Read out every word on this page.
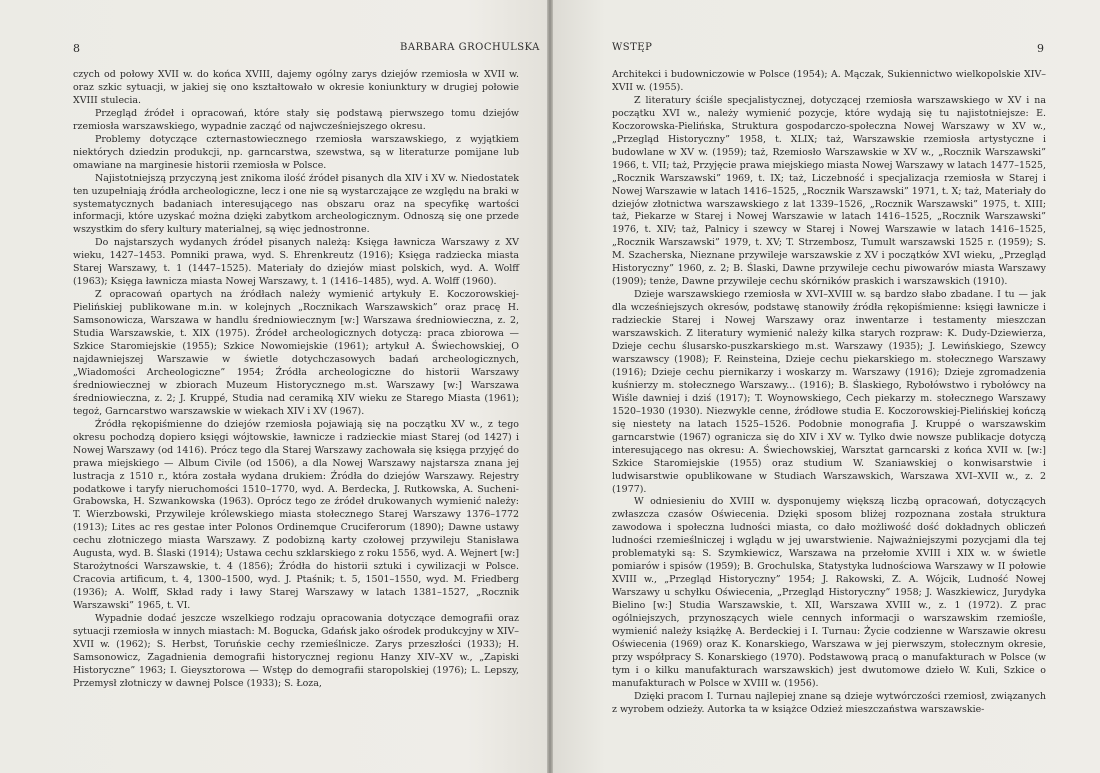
8	BARBARA GROCHULSKA

czych od połowy XVII w. do końca XVIII, dajemy ogólny zarys dziejów rzemiosła w XVII w. oraz szkic sytuacji, w jakiej się ono kształtowało w okresie koniunktury w drugiej połowie XVIII stulecia.

Przegląd źródeł i opracowań, które stały się podstawą pierwszego tomu dziejów rzemiosła warszawskiego, wypadnie zacząć od najwcześniejszego okresu.

Problemy dotyczące czternastowiecznego rzemiosła warszawskiego, z wyjątkiem niektórych dziedzin produkcji, np. garncarstwa, szewstwa, są w literaturze pomijane lub omawiane na marginesie historii rzemiosła w Polsce.

Najistotniejszą przyczyną jest znikoma ilość źródeł pisanych dla XIV i XV w. Niedostatek ten uzupełniają źródła archeologiczne, lecz i one nie są wystarczające ze względu na braki w systematycznych badaniach interesującego nas obszaru oraz na specyfikę wartości informacji, które uzyskać można dzięki zabytkom archeologicznym. Odnoszą się one przede wszystkim do sfery kultury materialnej, są więc jednostronne.

Do najstarszych wydanych źródeł pisanych należą: Księga ławnicza Warszawy z XV wieku, 1427–1453. Pomniki prawa, wyd. S. Ehrenkreutz (1916); Księga radziecka miasta Starej Warszawy, t. 1 (1447–1525). Materiały do dziejów miast polskich, wyd. A. Wolff (1963); Księga ławnicza miasta Nowej Warszawy, t. 1 (1416–1485), wyd. A. Wolff (1960).

Z opracowań opartych na źródłach należy wymienić artykuły E. Koczorowskiej-Pielińskiej publikowane m.in. w kolejnych „Rocznikach Warszawskich” oraz pracę H. Samsonowicza, Warszawa w handlu średniowiecznym [w:] Warszawa średniowieczna, z. 2, Studia Warszawskie, t. XIX (1975). Źródeł archeologicznych dotyczą: praca zbiorowa — Szkice Staromiejskie (1955); Szkice Nowomiejskie (1961); artykuł A. Świechowskiej, O najdawniejszej Warszawie w świetle dotychczasowych badań archeologicznych, „Wiadomości Archeologiczne” 1954; Źródła archeologiczne do historii Warszawy średniowiecznej w zbiorach Muzeum Historycznego m.st. Warszawy [w:] Warszawa średniowieczna, z. 2; J. Kruppé, Studia nad ceramiką XIV wieku ze Starego Miasta (1961); tegoż, Garncarstwo warszawskie w wiekach XIV i XV (1967).

Źródła rękopiśmienne do dziejów rzemiosła pojawiają się na początku XV w., z tego okresu pochodzą dopiero księgi wójtowskie, ławnicze i radzieckie miast Starej (od 1427) i Nowej Warszawy (od 1416). Prócz tego dla Starej Warszawy zachowała się księga przyjęć do prawa miejskiego — Album Civile (od 1506), a dla Nowej Warszawy najstarsza znana jej lustracja z 1510 r., która została wydana drukiem: Źródła do dziejów Warszawy. Rejestry podatkowe i taryfy nieruchomości 1510–1770, wyd. A. Berdecka, J. Rutkowska, A. Sucheni-Grabowska, H. Szwankowska (1963). Oprócz tego ze źródeł drukowanych wymienić należy: T. Wierzbowski, Przywileje królewskiego miasta stołecznego Starej Warszawy 1376–1772 (1913); Lites ac res gestae inter Polonos Ordinemque Cruciferorum (1890); Dawne ustawy cechu złotniczego miasta Warszawy. Z podobizną karty czołowej przywileju Stanisława Augusta, wyd. B. Ślaski (1914); Ustawa cechu szklarskiego z roku 1556, wyd. A. Wejnert [w:] Starożytności Warszawskie, t. 4 (1856); Źródła do historii sztuki i cywilizacji w Polsce. Cracovia artificum, t. 4, 1300–1500, wyd. J. Ptaśnik; t. 5, 1501–1550, wyd. M. Friedberg (1936); A. Wolff, Skład rady i ławy Starej Warszawy w latach 1381–1527, „Rocznik Warszawski” 1965, t. VI.

Wypadnie dodać jeszcze wszelkiego rodzaju opracowania dotyczące demografii oraz sytuacji rzemiosła w innych miastach: M. Bogucka, Gdańsk jako ośrodek produkcyjny w XIV–XVII w. (1962); S. Herbst, Toruńskie cechy rzemieślnicze. Zarys przeszłości (1933); H. Samsonowicz, Zagadnienia demografii historycznej regionu Hanzy XIV–XV w., „Zapiski Historyczne” 1963; I. Gieysztorowa — Wstęp do demografii staropolskiej (1976); L. Lepszy, Przemysł złotniczy w dawnej Polsce (1933); S. Łoza,

WSTĘP	9

Architekci i budowniczowie w Polsce (1954); A. Mączak, Sukiennictwo wielkopolskie XIV–XVII w. (1955).

Z literatury ściśle specjalistycznej, dotyczącej rzemiosła warszawskiego w XV i na początku XVI w., należy wymienić pozycje, które wydają się tu najistotniejsze: E. Koczorowska-Pielińska, Struktura gospodarczo-społeczna Nowej Warszawy w XV w., „Przegląd Historyczny” 1958, t. XLIX; taż, Warszawskie rzemiosła artystyczne i budowlane w XV w. (1959); taż, Rzemiosło Warszawskie w XV w., „Rocznik Warszawski” 1966, t. VII; taż, Przyjęcie prawa miejskiego miasta Nowej Warszawy w latach 1477–1525, „Rocznik Warszawski” 1969, t. IX; taż, Liczebność i specjalizacja rzemiosła w Starej i Nowej Warszawie w latach 1416–1525, „Rocznik Warszawski” 1971, t. X; taż, Materiały do dziejów złotnictwa warszawskiego z lat 1339–1526, „Rocznik Warszawski” 1975, t. XIII; taż, Piekarze w Starej i Nowej Warszawie w latach 1416–1525, „Rocznik Warszawski” 1976, t. XIV; taż, Palnicy i szewcy w Starej i Nowej Warszawie w latach 1416–1525, „Rocznik Warszawski” 1979, t. XV; T. Strzembosz, Tumult warszawski 1525 r. (1959); S. M. Szacherska, Nieznane przywileje warszawskie z XV i początków XVI wieku, „Przegląd Historyczny” 1960, z. 2; B. Ślaski, Dawne przywileje cechu piwowarów miasta Warszawy (1909); tenże, Dawne przywileje cechu skórników praskich i warszawskich (1910).

Dzieje warszawskiego rzemiosła w XVI–XVIII w. są bardzo słabo zbadane. I tu — jak dla wcześniejszych okresów, podstawę stanowiły źródła rękopiśmienne: księgi ławnicze i radzieckie Starej i Nowej Warszawy oraz inwentarze i testamenty mieszczan warszawskich. Z literatury wymienić należy kilka starych rozpraw: K. Dudy-Dziewierza, Dzieje cechu ślusarsko-puszkarskiego m.st. Warszawy (1935); J. Lewińskiego, Szewcy warszawscy (1908); F. Reinsteina, Dzieje cechu piekarskiego m. stołecznego Warszawy (1916); Dzieje cechu piernikarzy i woskarzy m. Warszawy (1916); Dzieje zgromadzenia kuśnierzy m. stołecznego Warszawy... (1916); B. Ślaskiego, Rybołówstwo i rybołówcy na Wiśle dawniej i dziś (1917); T. Woynowskiego, Cech piekarzy m. stołecznego Warszawy 1520–1930 (1930). Niezwykle cenne, źródłowe studia E. Koczorowskiej-Pielińskiej kończą się niestety na latach 1525–1526. Podobnie monografia J. Kruppé o warszawskim garncarstwie (1967) ogranicza się do XIV i XV w. Tylko dwie nowsze publikacje dotyczą interesującego nas okresu: A. Świechowskiej, Warsztat garncarski z końca XVII w. [w:] Szkice Staromiejskie (1955) oraz studium W. Szaniawskiej o konwisarstwie i ludwisarstwie opublikowane w Studiach Warszawskich, Warszawa XVI–XVII w., z. 2 (1977).

W odniesieniu do XVIII w. dysponujemy większą liczbą opracowań, dotyczących zwłaszcza czasów Oświecenia. Dzięki sposom bliżej rozpoznana została struktura zawodowa i społeczna ludności miasta, co dało możliwość dość dokładnych obliczeń ludności rzemieślniczej i wglądu w jej uwarstwienie. Najważniejszymi pozycjami dla tej problematyki są: S. Szymkiewicz, Warszawa na przełomie XVIII i XIX w. w świetle pomiarów i spisów (1959); B. Grochulska, Statystyka ludnościowa Warszawy w II połowie XVIII w., „Przegląd Historyczny” 1954; J. Rakowski, Z. A. Wójcik, Ludność Nowej Warszawy u schyłku Oświecenia, „Przegląd Historyczny” 1958; J. Waszkiewicz, Jurydyka Bielino [w:] Studia Warszawskie, t. XII, Warszawa XVIII w., z. 1 (1972). Z prac ogólniejszych, przynoszących wiele cennych informacji o warszawskim rzemiośle, wymienić należy książkę A. Berdeckiej i I. Turnau: Życie codzienne w Warszawie okresu Oświecenia (1969) oraz K. Konarskiego, Warszawa w jej pierwszym, stołecznym okresie, przy współpracy S. Konarskiego (1970). Podstawową pracą o manufakturach w Polsce (w tym i o kilku manufakturach warszawskich) jest dwutomowe dzieło W. Kuli, Szkice o manufakturach w Polsce w XVIII w. (1956).

Dzięki pracom I. Turnau najlepiej znane są dzieje wytwórczości rzemiosł, związanych z wyrobem odzieży. Autorka ta w książce Odzież mieszczaństwa warszawskie-
